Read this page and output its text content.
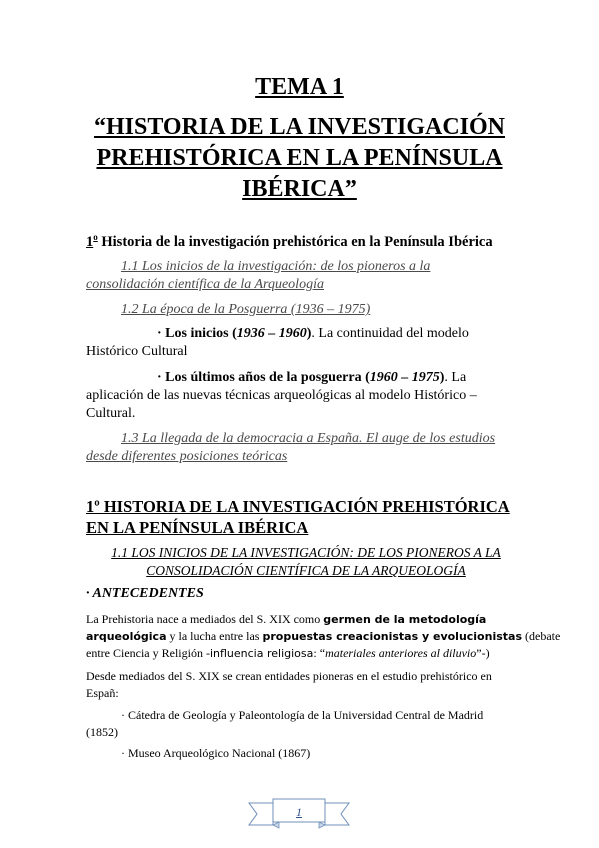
TEMA 1
“HISTORIA DE LA INVESTIGACIÓN
PREHISTÓRICA EN LA PENÍNSULA
IBÉRICA”
1$^o$ Historia de la investigación prehistórica en la Península Ibérica
1.1 Los inicios de la investigación: de los pioneros a la
consolidación científica de la Arqueología
1.2 La época de la Posguerra (1936 – 1975)
· Los inicios (1936 – 1960). La continuidad del modelo
Histórico Cultural
· Los últimos años de la posguerra (1960 – 1975). La
aplicación de las nuevas técnicas arqueológicas al modelo Histórico –
Cultural.
1.3 La llegada de la democracia a España. El auge de los estudios
desde diferentes posiciones teóricas
1º HISTORIA DE LA INVESTIGACIÓN PREHISTÓRICA
EN LA PENÍNSULA IBÉRICA
1.1 LOS INICIOS DE LA INVESTIGACIÓN: DE LOS PIONEROS A LA
CONSOLIDACIÓN CIENTÍFICA DE LA ARQUEOLOGÍA
· ANTECEDENTES
La Prehistoria nace a mediados del S. XIX como germen de la metodología
arqueológica y la lucha entre las propuestas creacionistas y evolucionistas (debate
entre Ciencia y Religión -influencia religiosa: “materiales anteriores al diluvio”-)
Desde mediados del S. XIX se crean entidades pioneras en el estudio prehistórico en
Españ:
· Cátedra de Geología y Paleontología de la Universidad Central de Madrid
(1852)
· Museo Arqueológico Nacional (1867)
1
